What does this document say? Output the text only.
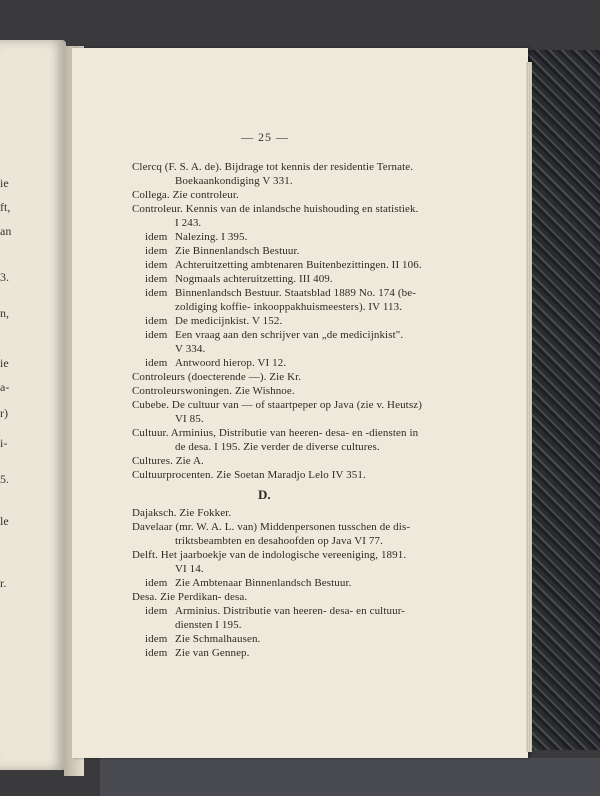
ie
ft,
an
3.
n,
ie
a-
r)
i-
5.
le
r.
— 25 —
Clercq (F. S. A. de). Bijdrage tot kennis der residentie Ternate.
Boekaankondiging V 331.
Collega. Zie controleur.
Controleur. Kennis van de inlandsche huishouding en statistiek.
I 243.
idem Nalezing. I 395.
idem Zie Binnenlandsch Bestuur.
idem Achteruitzetting ambtenaren Buitenbezittingen. II 106.
idem Nogmaals achteruitzetting. III 409.
idem Binnenlandsch Bestuur. Staatsblad 1889 No. 174 (be-
zoldiging koffie- inkooppakhuismeesters). IV 113.
idem De medicijnkist. V 152.
idem Een vraag aan den schrijver van „de medicijnkist".
V 334.
idem Antwoord hierop. VI 12.
Controleurs (doecterende —). Zie Kr.
Controleurswoningen. Zie Wishnoe.
Cubebe. De cultuur van — of staartpeper op Java (zie v. Heutsz)
VI 85.
Cultuur. Arminius, Distributie van heeren- desa- en -diensten in
de desa. I 195. Zie verder de diverse cultures.
Cultures. Zie A.
Cultuurprocenten. Zie Soetan Maradjo Lelo IV 351.
D.
Dajaksch. Zie Fokker.
Davelaar (mr. W. A. L. van) Middenpersonen tusschen de dis-
triktsbeambten en desahoofden op Java VI 77.
Delft. Het jaarboekje van de indologische vereeniging, 1891.
VI 14.
idem Zie Ambtenaar Binnenlandsch Bestuur.
Desa. Zie Perdikan- desa.
idem Arminius. Distributie van heeren- desa- en cultuur-
diensten I 195.
idem Zie Schmalhausen.
idem Zie van Gennep.
